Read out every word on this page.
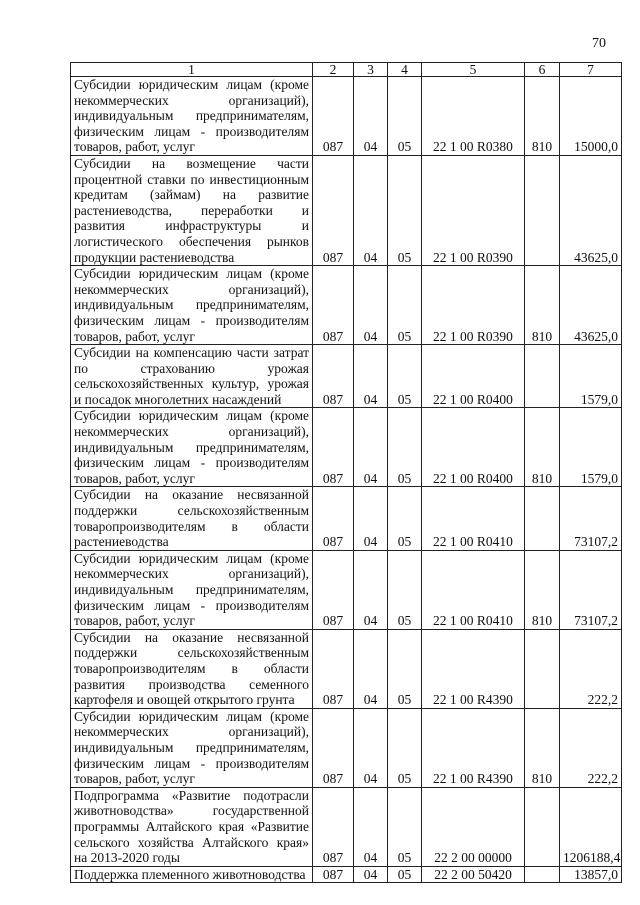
70
1	2	3	4	5	6	7
Субсидии юридическим лицам (кроме некоммерческих организаций), индивидуальным предпринимателям, физическим лицам - производителям товаров, работ, услуг	087	04	05	22 1 00 R0380	810	15000,0
Субсидии на возмещение части процентной ставки по инвестиционным кредитам (займам) на развитие растениеводства, переработки и развития инфраструктуры и логистического обеспечения рынков продукции растениеводства	087	04	05	22 1 00 R0390		43625,0
Субсидии юридическим лицам (кроме некоммерческих организаций), индивидуальным предпринимателям, физическим лицам - производителям товаров, работ, услуг	087	04	05	22 1 00 R0390	810	43625,0
Субсидии на компенсацию части затрат по страхованию урожая сельскохозяйственных культур, урожая и посадок многолетних насаждений	087	04	05	22 1 00 R0400		1579,0
Субсидии юридическим лицам (кроме некоммерческих организаций), индивидуальным предпринимателям, физическим лицам - производителям товаров, работ, услуг	087	04	05	22 1 00 R0400	810	1579,0
Субсидии на оказание несвязанной поддержки сельскохозяйственным товаропроизводителям в области растениеводства	087	04	05	22 1 00 R0410		73107,2
Субсидии юридическим лицам (кроме некоммерческих организаций), индивидуальным предпринимателям, физическим лицам - производителям товаров, работ, услуг	087	04	05	22 1 00 R0410	810	73107,2
Субсидии на оказание несвязанной поддержки сельскохозяйственным товаропроизводителям в области развития производства семенного картофеля и овощей открытого грунта	087	04	05	22 1 00 R4390		222,2
Субсидии юридическим лицам (кроме некоммерческих организаций), индивидуальным предпринимателям, физическим лицам - производителям товаров, работ, услуг	087	04	05	22 1 00 R4390	810	222,2
Подпрограмма «Развитие подотрасли животноводства» государственной программы Алтайского края «Развитие сельского хозяйства Алтайского края» на 2013-2020 годы	087	04	05	22 2 00 00000		1206188,4
Поддержка племенного животноводства	087	04	05	22 2 00 50420		13857,0
